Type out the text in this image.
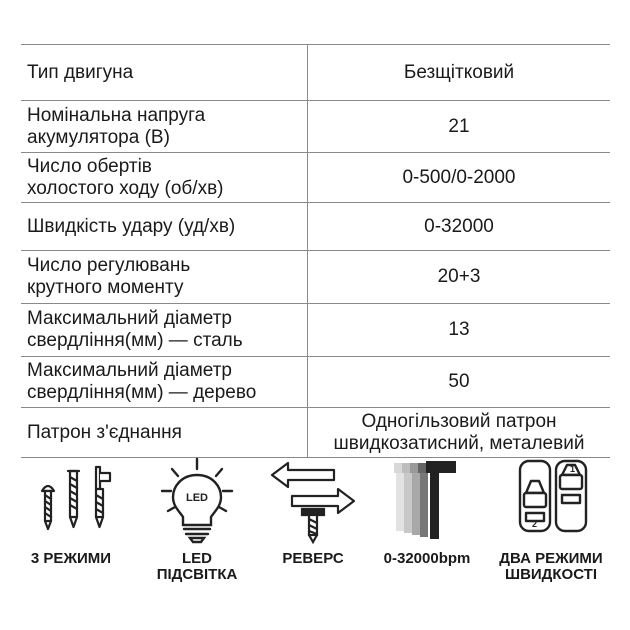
Тип двигуна	Безщітковий
Номінальна напруга
акумулятора (В)	21
Число обертів
холостого ходу (об/хв)	0-500/0-2000
Швидкість удару (уд/хв)	0-32000
Число регулювань
крутного моменту	20+3
Максимальний діаметр
свердління(мм) — сталь	13
Максимальний діаметр
свердління(мм) — дерево	50
Патрон з'єднання	Одногільзовий патрон
швидкозатисний, металевий
3 РЕЖИМИ
LED
LED
ПІДСВІТКА
РЕВЕРС	0-32000bpm
1
2
ДВА РЕЖИМИ
ШВИДКОСТІ
